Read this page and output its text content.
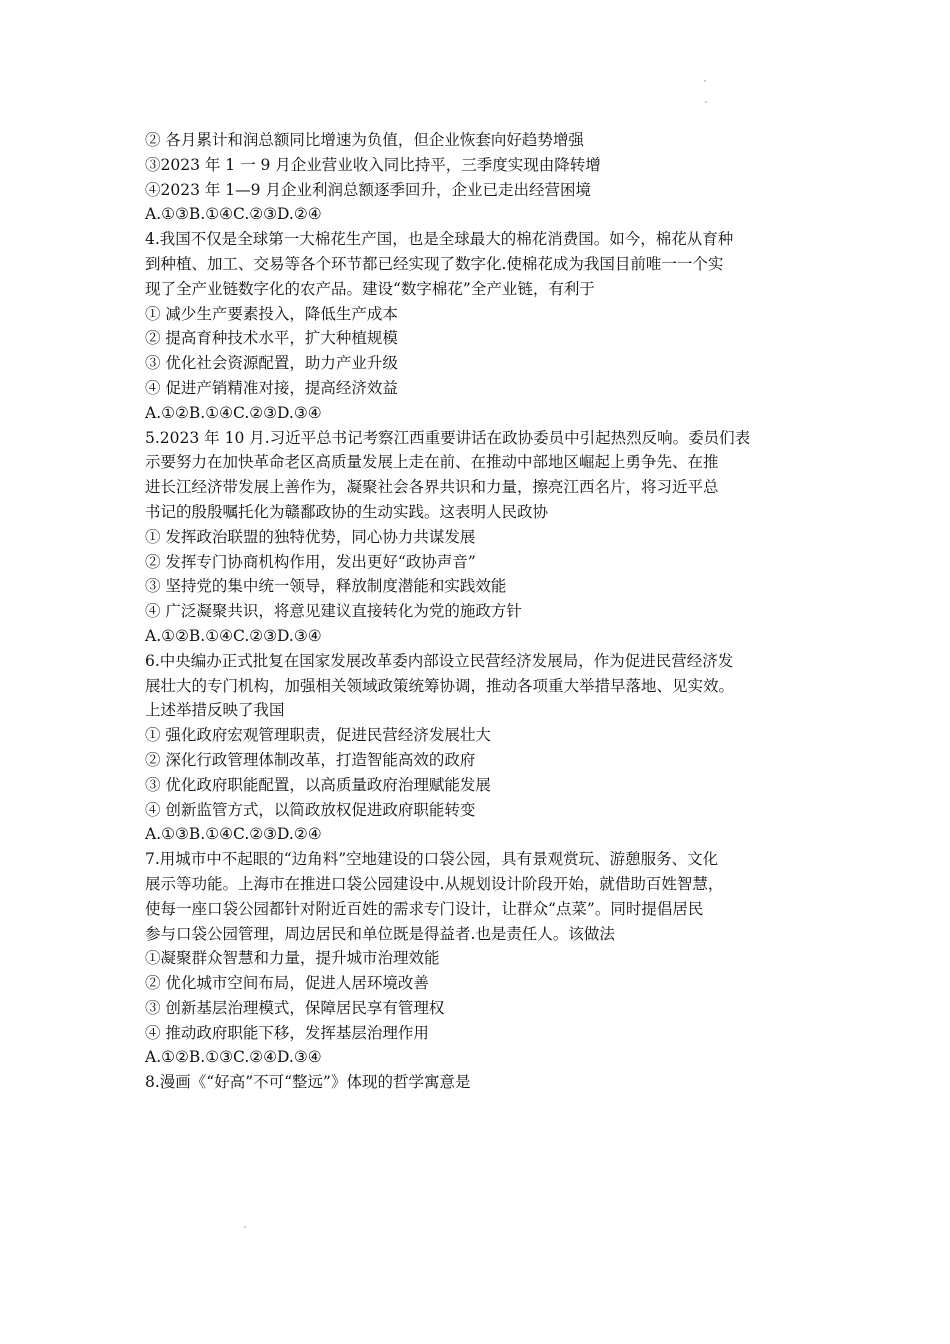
② 各月累计和润总额同比增速为负值，但企业恢套向好趋势增强
③2023 年 1 一 9 月企业营业收入同比持平，三季度实现由降转增
④2023 年 1—9 月企业利润总额逐季回升，企业已走出经营困境
A.①③B.①④C.②③D.②④
4.我国不仅是全球第一大棉花生产国，也是全球最大的棉花消费国。如今，棉花从育种
到种植、加工、交易等各个环节都已经实现了数字化.使棉花成为我国目前唯一一个实
现了全产业链数字化的农产品。建设“数字棉花”全产业链，有利于
① 减少生产要素投入，降低生产成本
② 提高育种技术水平，扩大种植规模
③ 优化社会资源配置，助力产业升级
④ 促进产销精准对接，提高经济效益
A.①②B.①④C.②③D.③④
5.2023 年 10 月.习近平总书记考察江西重要讲话在政协委员中引起热烈反响。委员们表
示要努力在加快革命老区高质量发展上走在前、在推动中部地区崛起上勇争先、在推
进长江经济带发展上善作为，凝聚社会各界共识和力量，擦亮江西名片，将习近平总
书记的殷殷嘱托化为赣鄱政协的生动实践。这表明人民政协
① 发挥政治联盟的独特优势，同心协力共谋发展
② 发挥专门协商机构作用，发出更好“政协声音”
③ 坚持党的集中统一领导，释放制度潜能和实践效能
④ 广泛凝聚共识，将意见建议直接转化为党的施政方针
A.①②B.①④C.②③D.③④
6.中央编办正式批复在国家发展改革委内部设立民营经济发展局，作为促进民营经济发
展壮大的专门机构，加强相关领域政策统筹协调，推动各项重大举措早落地、见实效。
上述举措反映了我国
① 强化政府宏观管理职责，促进民营经济发展壮大
② 深化行政管理体制改革，打造智能高效的政府
③ 优化政府职能配置，以高质量政府治理赋能发展
④ 创新监管方式，以简政放权促进政府职能转变
A.①③B.①④C.②③D.②④
7.用城市中不起眼的“边角料”空地建设的口袋公园，具有景观赏玩、游憩服务、文化
展示等功能。上海市在推进口袋公园建设中.从规划设计阶段开始，就借助百姓智慧，
使每一座口袋公园都针对附近百姓的需求专门设计，让群众“点菜”。同时提倡居民
参与口袋公园管理，周边居民和单位既是得益者.也是责任人。该做法
①凝聚群众智慧和力量，提升城市治理效能
② 优化城市空间布局，促进人居环境改善
③ 创新基层治理模式，保障居民享有管理权
④ 推动政府职能下移，发挥基层治理作用
A.①②B.①③C.②④D.③④
8.漫画《“好高”不可“整远”》体现的哲学寓意是
